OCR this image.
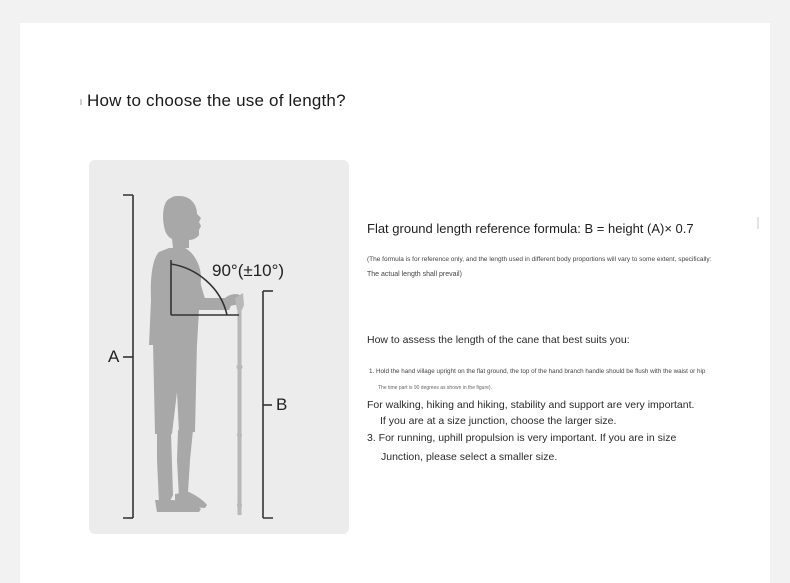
How to choose the use of length?
90°(±10°)
A
B
Flat ground length reference formula: B = height (A)× 0.7
(The formula is for reference only, and the length used in different body proportions will vary to some extent, specifically:
The actual length shall prevail)
How to assess the length of the cane that best suits you:
1. Hold the hand village upright on the flat ground, the top of the hand branch handle should be flush with the waist or hip
The time part is 90 degrees as shown in the figure).
For walking, hiking and hiking, stability and support are very important.
If you are at a size junction, choose the larger size.
3. For running, uphill propulsion is very important. If you are in size
Junction, please select a smaller size.
